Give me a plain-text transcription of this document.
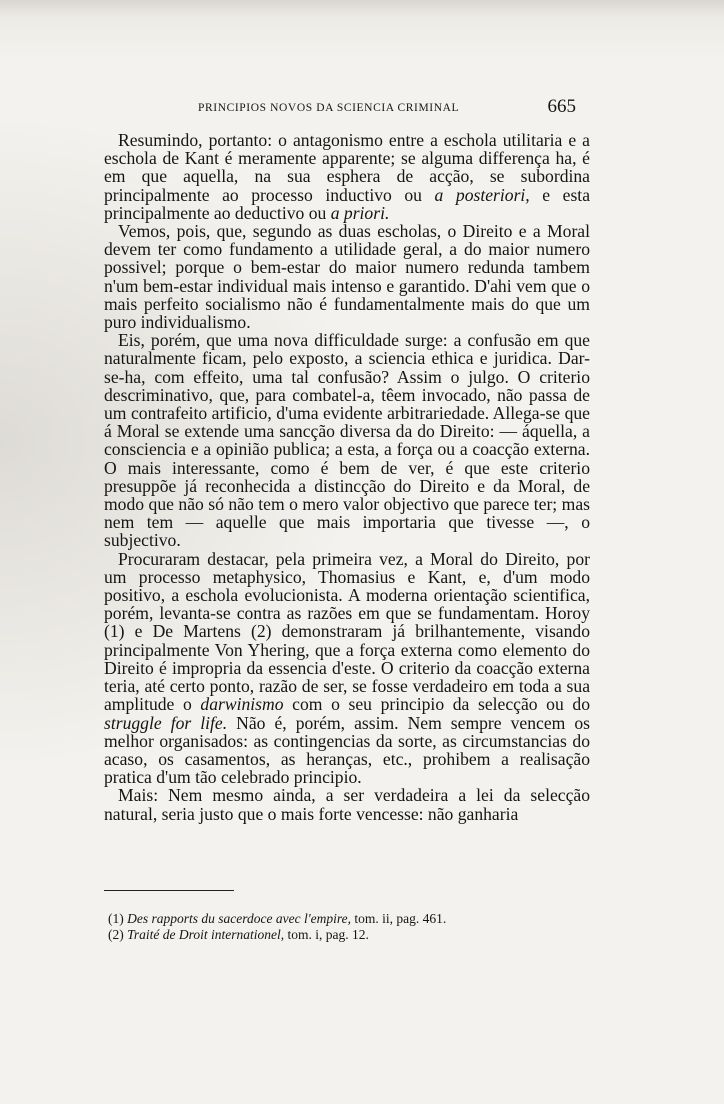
PRINCIPIOS NOVOS DA SCIENCIA CRIMINAL	665

Resumindo, portanto: o antagonismo entre a eschola utilitaria e a eschola de Kant é meramente apparente; se alguma differença ha, é em que aquella, na sua esphera de acção, se subordina principalmente ao processo inductivo ou a posteriori, e esta principalmente ao deductivo ou a priori.

Vemos, pois, que, segundo as duas escholas, o Direito e a Moral devem ter como fundamento a utilidade geral, a do maior numero possivel; porque o bem-estar do maior numero redunda tambem n'um bem-estar individual mais intenso e garantido. D'ahi vem que o mais perfeito socialismo não é fundamentalmente mais do que um puro individualismo.

Eis, porém, que uma nova difficuldade surge: a confusão em que naturalmente ficam, pelo exposto, a sciencia ethica e juridica. Dar-se-ha, com effeito, uma tal confusão? Assim o julgo. O criterio descriminativo, que, para combatel-a, têem invocado, não passa de um contrafeito artificio, d'uma evidente arbitrariedade. Allega-se que á Moral se extende uma sancção diversa da do Direito: — áquella, a consciencia e a opinião publica; a esta, a força ou a coacção externa. O mais interessante, como é bem de ver, é que este criterio presuppõe já reconhecida a distincção do Direito e da Moral, de modo que não só não tem o mero valor objectivo que parece ter; mas nem tem — aquelle que mais importaria que tivesse —, o subjectivo.

Procuraram destacar, pela primeira vez, a Moral do Direito, por um processo metaphysico, Thomasius e Kant, e, d'um modo positivo, a eschola evolucionista. A moderna orientação scientifica, porém, levanta-se contra as razões em que se fundamentam. Horoy (1) e De Martens (2) demonstraram já brilhantemente, visando principalmente Von Yhering, que a força externa como elemento do Direito é impropria da essencia d'este. O criterio da coacção externa teria, até certo ponto, razão de ser, se fosse verdadeiro em toda a sua amplitude o darwinismo com o seu principio da selecção ou do struggle for life. Não é, porém, assim. Nem sempre vencem os melhor organisados: as contingencias da sorte, as circumstancias do acaso, os casamentos, as heranças, etc., prohibem a realisação pratica d'um tão celebrado principio.

Mais: Nem mesmo ainda, a ser verdadeira a lei da selecção natural, seria justo que o mais forte vencesse: não ganharia

(1) Des rapports du sacerdoce avec l'empire, tom. ii, pag. 461.
(2) Traité de Droit internationel, tom. i, pag. 12.
